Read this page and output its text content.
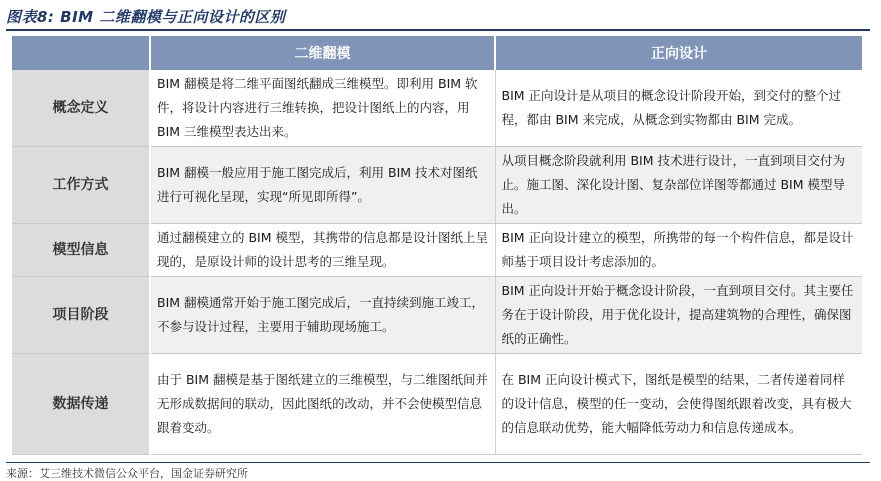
图表8: BIM 二维翻模与正向设计的区别
	二维翻模	正向设计
概念定义	BIM 翻模是将二维平面图纸翻成三维模型。即利用 BIM 软件，将设计内容进行三维转换，把设计图纸上的内容，用 BIM 三维模型表达出来。	BIM 正向设计是从项目的概念设计阶段开始，到交付的整个过程，都由 BIM 来完成，从概念到实物都由 BIM 完成。
工作方式	BIM 翻模一般应用于施工图完成后，利用 BIM 技术对图纸进行可视化呈现，实现“所见即所得”。	从项目概念阶段就利用 BIM 技术进行设计，一直到项目交付为止。施工图、深化设计图、复杂部位详图等都通过 BIM 模型导出。
模型信息	通过翻模建立的 BIM 模型，其携带的信息都是设计图纸上呈现的，是原设计师的设计思考的三维呈现。	BIM 正向设计建立的模型，所携带的每一个构件信息，都是设计师基于项目设计考虑添加的。
项目阶段	BIM 翻模通常开始于施工图完成后，一直持续到施工竣工，不参与设计过程，主要用于辅助现场施工。	BIM 正向设计开始于概念设计阶段，一直到项目交付。其主要任务在于设计阶段，用于优化设计，提高建筑物的合理性，确保图纸的正确性。
数据传递	由于 BIM 翻模是基于图纸建立的三维模型，与二维图纸间并无形成数据间的联动，因此图纸的改动，并不会使模型信息跟着变动。	在 BIM 正向设计模式下，图纸是模型的结果，二者传递着同样的设计信息，模型的任一变动，会使得图纸跟着改变，具有极大的信息联动优势，能大幅降低劳动力和信息传递成本。
来源：艾三维技术微信公众平台，国金证券研究所
